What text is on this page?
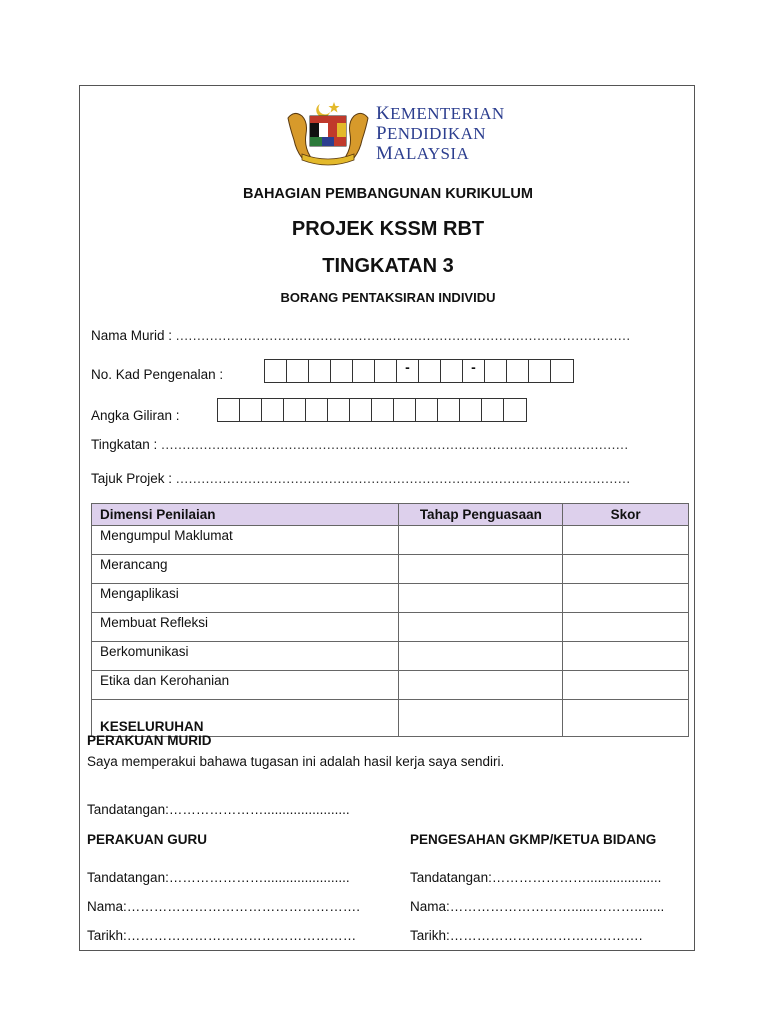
KEMENTERIAN
PENDIDIKAN
MALAYSIA
BAHAGIAN PEMBANGUNAN KURIKULUM
PROJEK KSSM RBT
TINGKATAN 3
BORANG PENTAKSIRAN INDIVIDU
Nama Murid : ...........................................................................................................
No. Kad Pengenalan :	-	-
Angka Giliran :
Tingkatan : ..............................................................................................................
Tajuk Projek : ...........................................................................................................
Dimensi Penilaian	Tahap Penguasaan	Skor
Mengumpul Maklumat		
Merancang		
Mengaplikasi		
Membuat Refleksi		
Berkomunikasi		
Etika dan Kerohanian		
KESELURUHAN		
PERAKUAN MURID
Saya memperakui bahawa tugasan ini adalah hasil kerja saya sendiri.
Tandatangan:………………….......................
PERAKUAN GURU
Tandatangan:………………….......................
Nama:…………………………………………….
Tarikh:……………………………………………
PENGESAHAN GKMP/KETUA BIDANG
Tandatangan:…………………....................
Nama:………………………......………........
Tarikh:…………………………………….
